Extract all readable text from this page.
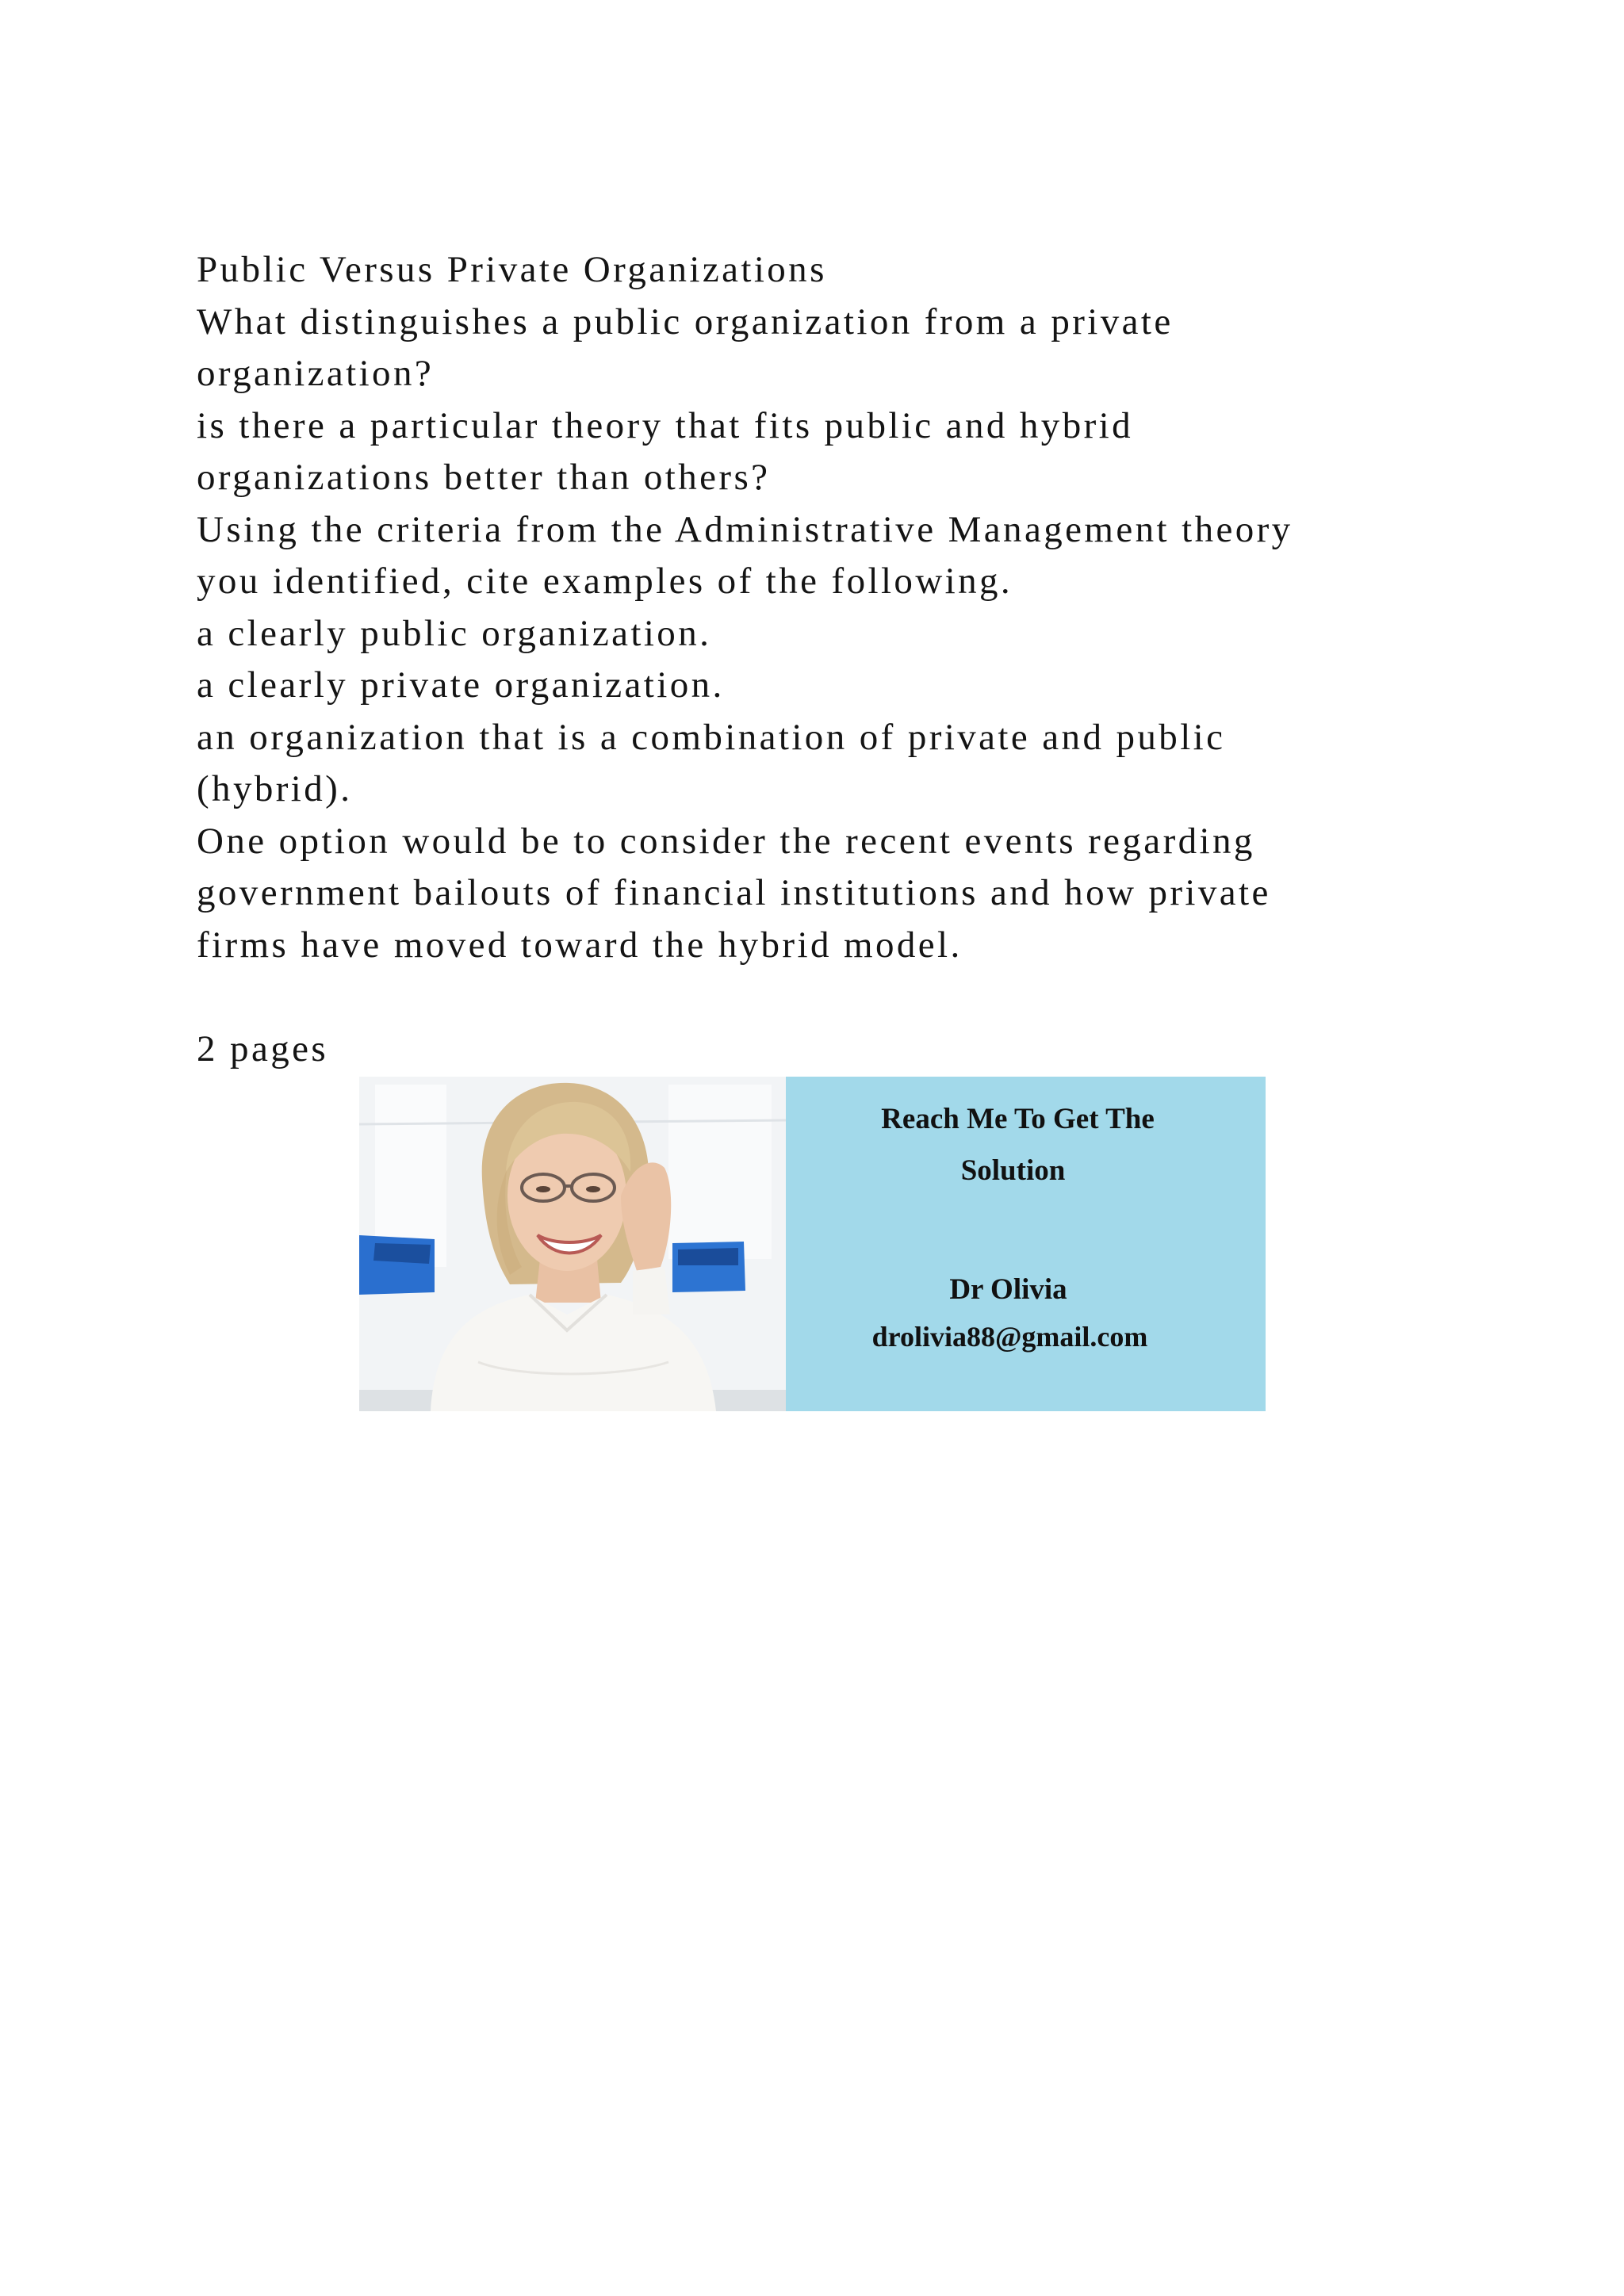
Public Versus Private Organizations

What distinguishes a public organization from a private

organization?

is there a particular theory that fits public and hybrid

organizations better than others?

Using the criteria from the Administrative Management theory

you identified, cite examples of the following.

a clearly public organization.

a clearly private organization.

an organization that is a combination of private and public

(hybrid).

One option would be to consider the recent events regarding

government bailouts of financial institutions and how private

firms have moved toward the hybrid model.

2 pages

Reach Me To Get The
Solution
Dr Olivia
drolivia88@gmail.com
